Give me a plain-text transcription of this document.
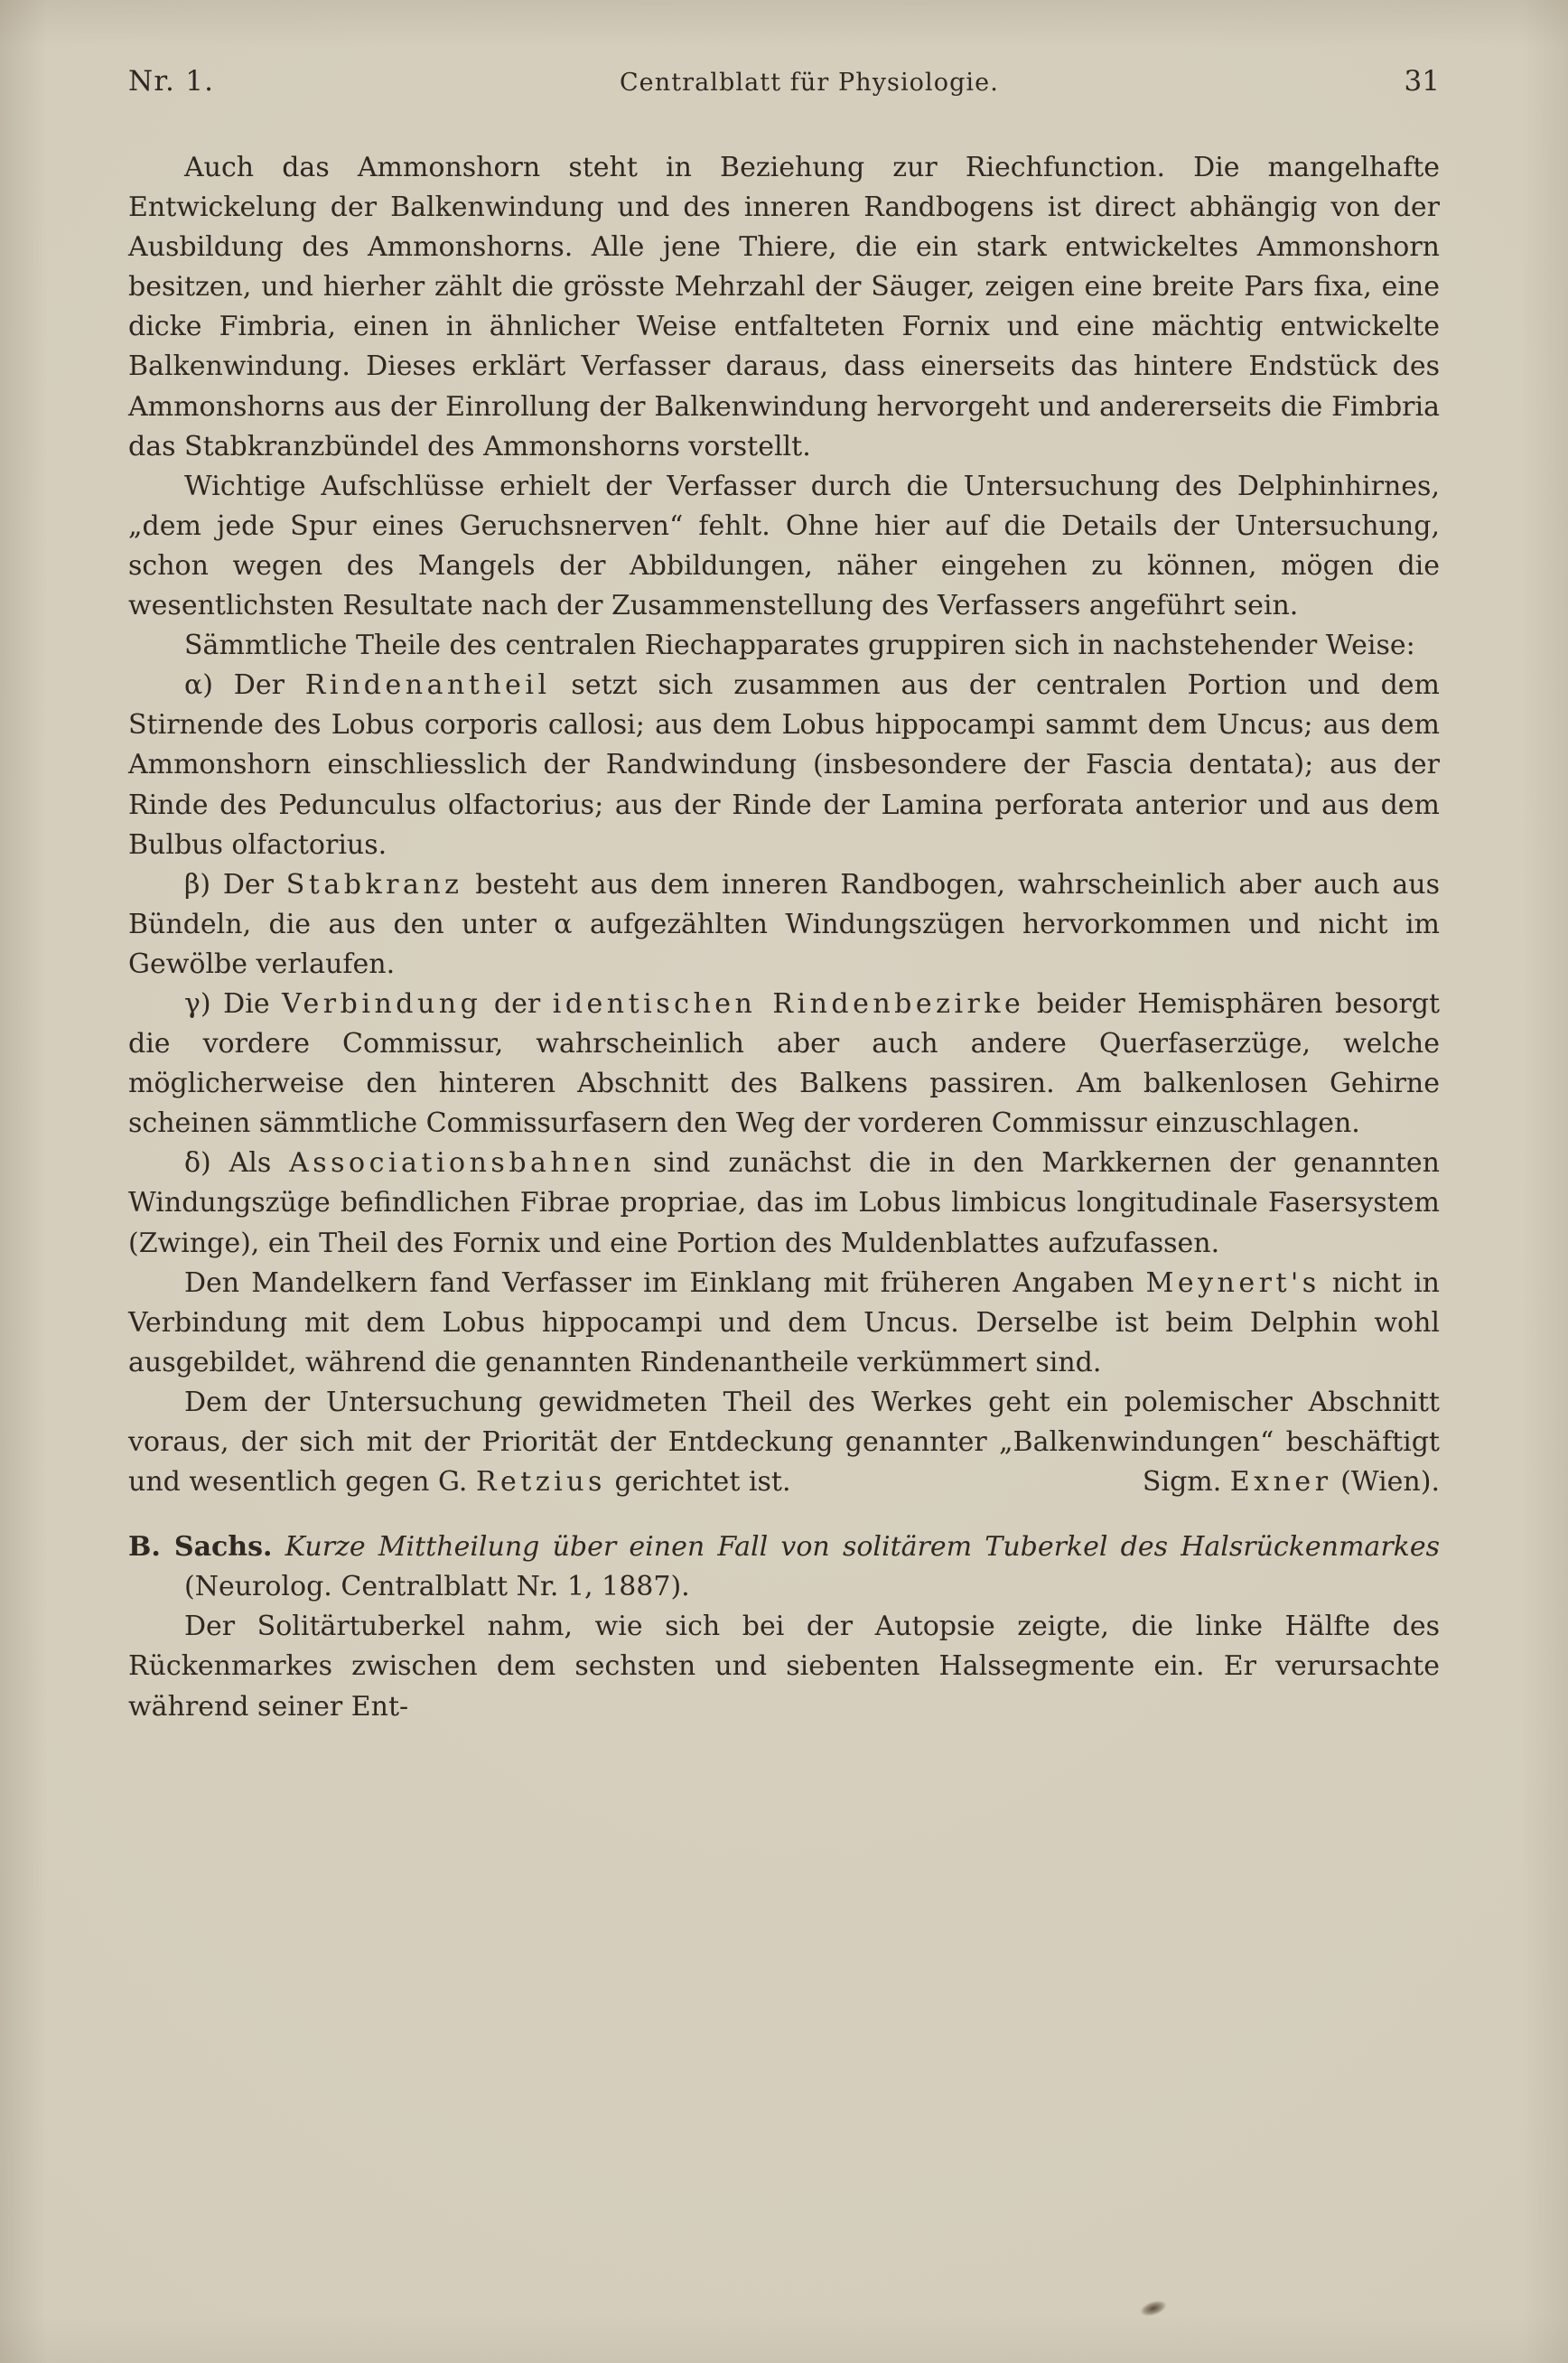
Nr. 1.	Centralblatt für Physiologie.	31

Auch das Ammonshorn steht in Beziehung zur Riechfunction. Die mangelhafte Entwickelung der Balkenwindung und des inneren Randbogens ist direct abhängig von der Ausbildung des Ammonshorns. Alle jene Thiere, die ein stark entwickeltes Ammonshorn besitzen, und hierher zählt die grösste Mehrzahl der Säuger, zeigen eine breite Pars fixa, eine dicke Fimbria, einen in ähnlicher Weise entfalteten Fornix und eine mächtig entwickelte Balkenwindung. Dieses erklärt Verfasser daraus, dass einerseits das hintere Endstück des Ammonshorns aus der Einrollung der Balkenwindung hervorgeht und andererseits die Fimbria das Stabkranzbündel des Ammonshorns vorstellt.

Wichtige Aufschlüsse erhielt der Verfasser durch die Untersuchung des Delphinhirnes, „dem jede Spur eines Geruchsnerven“ fehlt. Ohne hier auf die Details der Untersuchung, schon wegen des Mangels der Abbildungen, näher eingehen zu können, mögen die wesentlichsten Resultate nach der Zusammenstellung des Verfassers angeführt sein.

Sämmtliche Theile des centralen Riechapparates gruppiren sich in nachstehender Weise:

α) Der Rindenantheil setzt sich zusammen aus der centralen Portion und dem Stirnende des Lobus corporis callosi; aus dem Lobus hippocampi sammt dem Uncus; aus dem Ammonshorn einschliesslich der Randwindung (insbesondere der Fascia dentata); aus der Rinde des Pedunculus olfactorius; aus der Rinde der Lamina perforata anterior und aus dem Bulbus olfactorius.

β) Der Stabkranz besteht aus dem inneren Randbogen, wahrscheinlich aber auch aus Bündeln, die aus den unter α aufgezählten Windungszügen hervorkommen und nicht im Gewölbe verlaufen.

γ) Die Verbindung der identischen Rindenbezirke beider Hemisphären besorgt die vordere Commissur, wahrscheinlich aber auch andere Querfaserzüge, welche möglicherweise den hinteren Abschnitt des Balkens passiren. Am balkenlosen Gehirne scheinen sämmtliche Commissurfasern den Weg der vorderen Commissur einzuschlagen.

δ) Als Associationsbahnen sind zunächst die in den Markkernen der genannten Windungszüge befindlichen Fibrae propriae, das im Lobus limbicus longitudinale Fasersystem (Zwinge), ein Theil des Fornix und eine Portion des Muldenblattes aufzufassen.

Den Mandelkern fand Verfasser im Einklang mit früheren Angaben Meynert's nicht in Verbindung mit dem Lobus hippocampi und dem Uncus. Derselbe ist beim Delphin wohl ausgebildet, während die genannten Rindenantheile verkümmert sind.

Dem der Untersuchung gewidmeten Theil des Werkes geht ein polemischer Abschnitt voraus, der sich mit der Priorität der Entdeckung genannter „Balkenwindungen“ beschäftigt und wesentlich gegen G. Retzius gerichtet ist.	Sigm. Exner (Wien).

B. Sachs. Kurze Mittheilung über einen Fall von solitärem Tuberkel des Halsrückenmarkes (Neurolog. Centralblatt Nr. 1, 1887).

Der Solitärtuberkel nahm, wie sich bei der Autopsie zeigte, die linke Hälfte des Rückenmarkes zwischen dem sechsten und siebenten Halssegmente ein. Er verursachte während seiner Ent-
